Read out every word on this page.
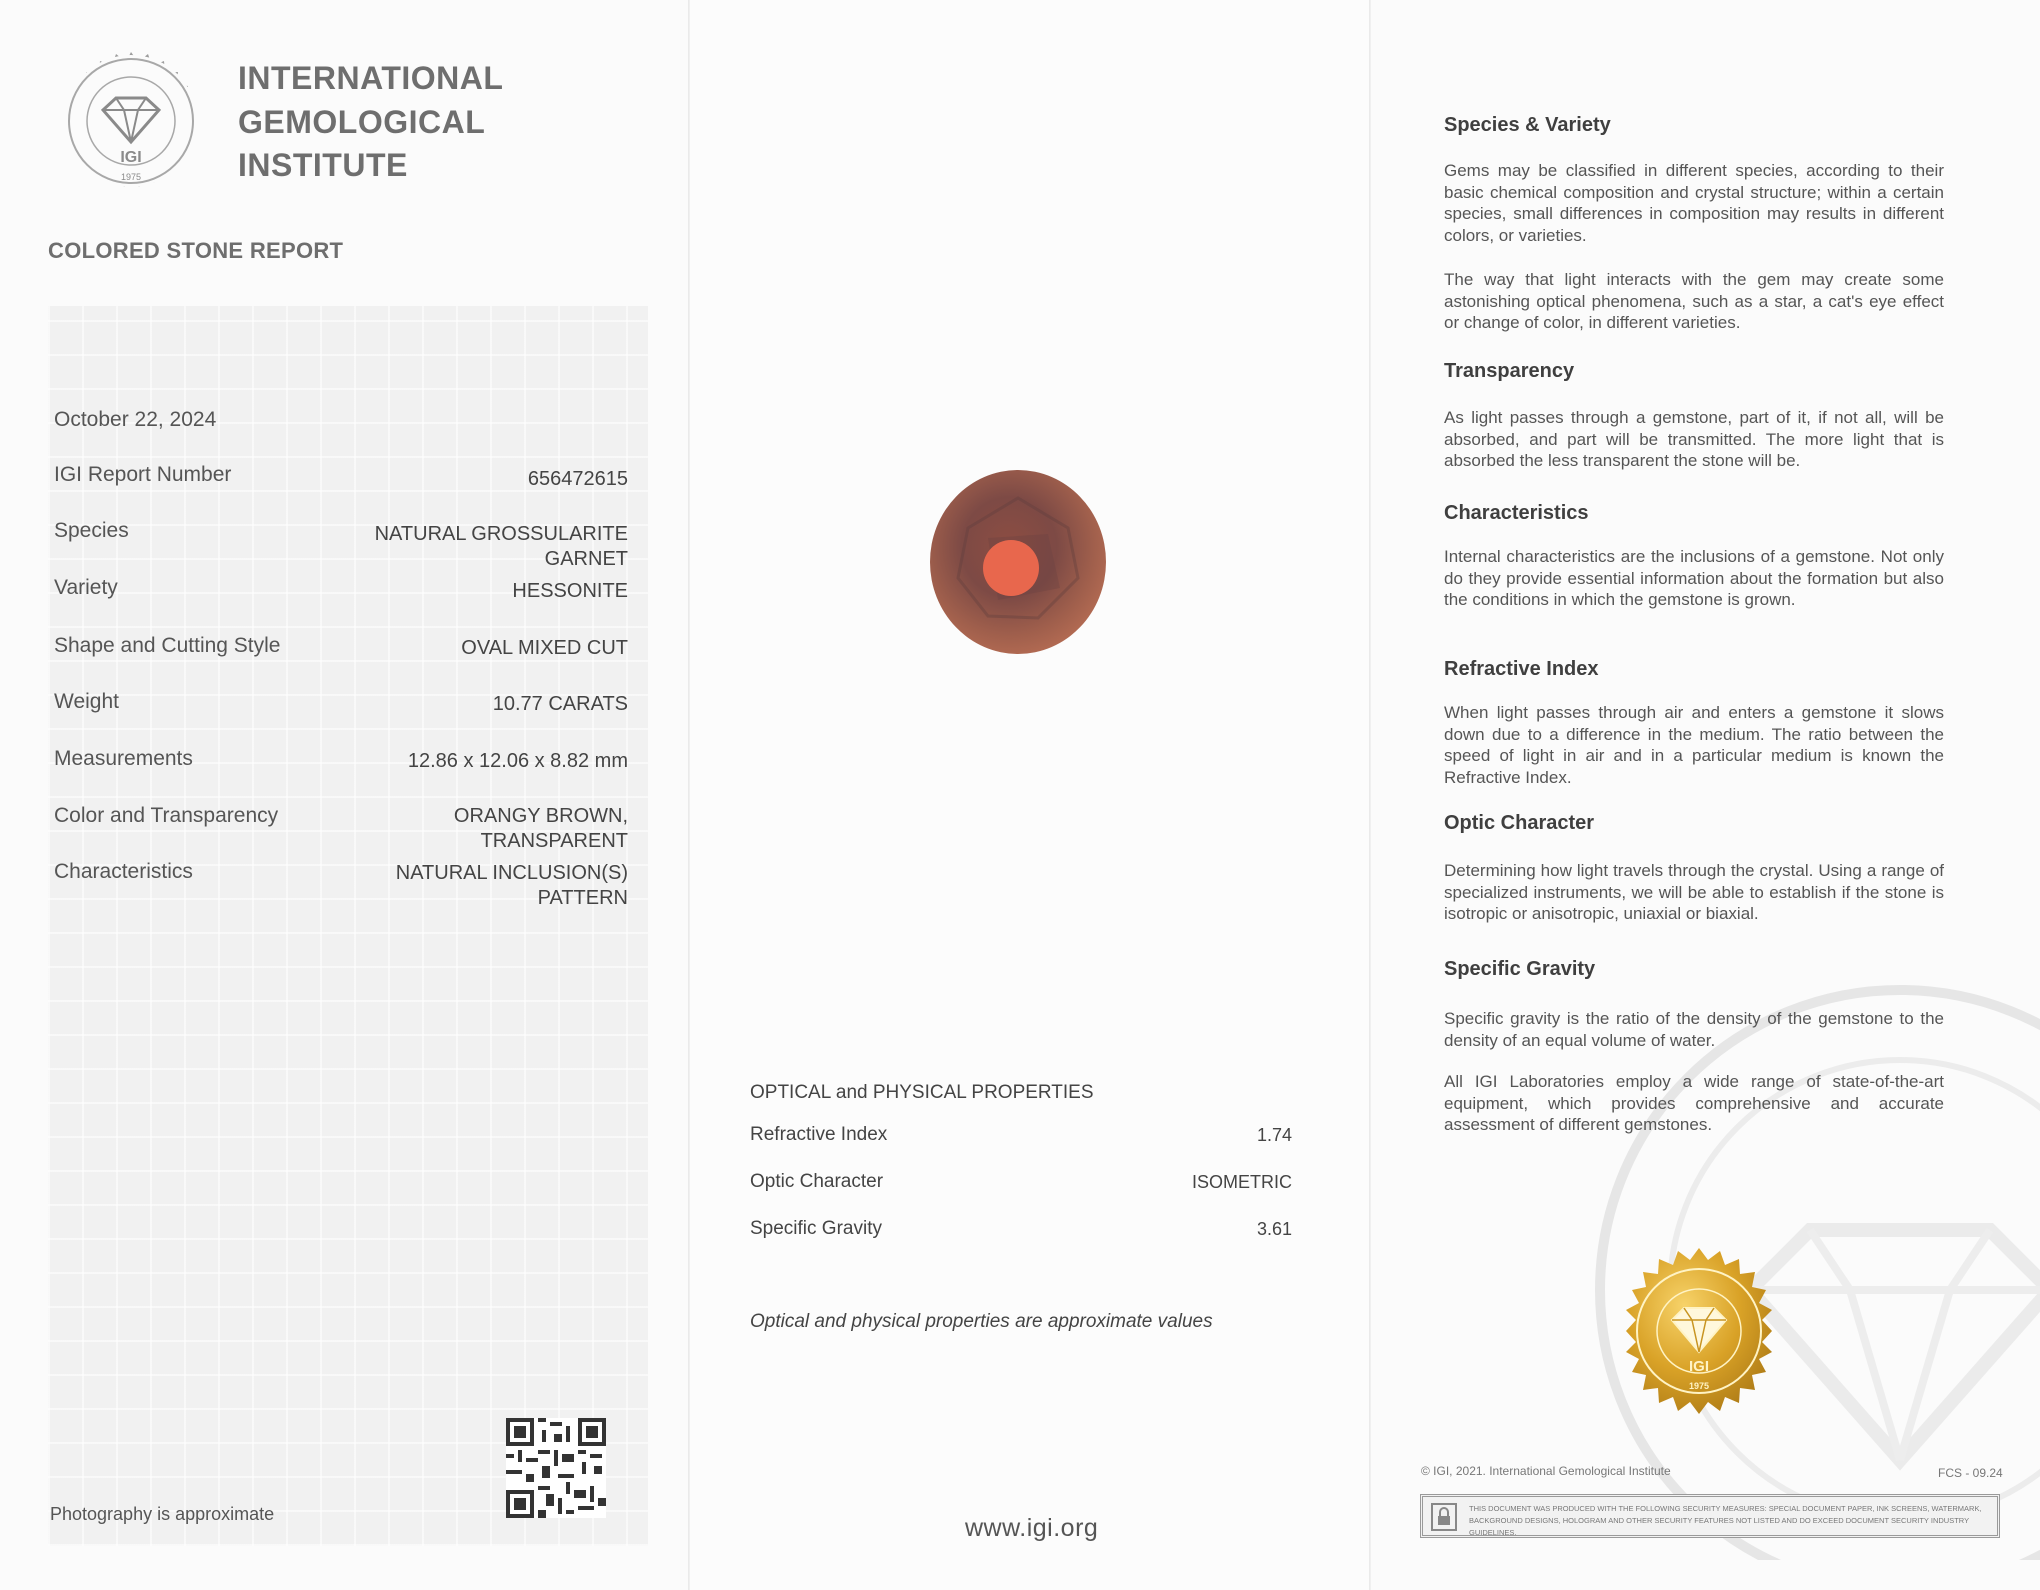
IGI
1975
INTERNATIONAL
GEMOLOGICAL
INSTITUTE
COLORED STONE REPORT
October 22, 2024
IGI Report Number	656472615
Species	NATURAL GROSSULARITE GARNET
Variety	HESSONITE
Shape and Cutting Style	OVAL MIXED CUT
Weight	10.77 CARATS
Measurements	12.86 x 12.06 x 8.82 mm
Color and Transparency	ORANGY BROWN, TRANSPARENT
Characteristics	NATURAL INCLUSION(S) PATTERN
Photography is approximate
OPTICAL and PHYSICAL PROPERTIES
Refractive Index	1.74
Optic Character	ISOMETRIC
Specific Gravity	3.61
Optical and physical properties are approximate values
www.igi.org
Species & Variety
Gems may be classified in different species, according to their basic chemical composition and crystal structure; within a certain species, small differences in composition may results in different colors, or varieties.
The way that light interacts with the gem may create some astonishing optical phenomena, such as a star, a cat's eye effect or change of color, in different varieties.
Transparency
As light passes through a gemstone, part of it, if not all, will be absorbed, and part will be transmitted. The more light that is absorbed the less transparent the stone will be.
Characteristics
Internal characteristics are the inclusions of a gemstone. Not only do they provide essential information about the formation but also the conditions in which the gemstone is grown.
Refractive Index
When light passes through air and enters a gemstone it slows down due to a difference in the medium. The ratio between the speed of light in air and in a particular medium is known the Refractive Index.
Optic Character
Determining how light travels through the crystal. Using a range of specialized instruments, we will be able to establish if the stone is isotropic or anisotropic, uniaxial or biaxial.
Specific Gravity
Specific gravity is the ratio of the density of the gemstone to the density of an equal volume of water.
All IGI Laboratories employ a wide range of state-of-the-art equipment, which provides comprehensive and accurate assessment of different gemstones.
IGI
1975
© IGI, 2021. International Gemological Institute	FCS - 09.24
THIS DOCUMENT WAS PRODUCED WITH THE FOLLOWING SECURITY MEASURES: SPECIAL DOCUMENT PAPER, INK SCREENS, WATERMARK, BACKGROUND DESIGNS, HOLOGRAM AND OTHER SECURITY FEATURES NOT LISTED AND DO EXCEED DOCUMENT SECURITY INDUSTRY GUIDELINES.
